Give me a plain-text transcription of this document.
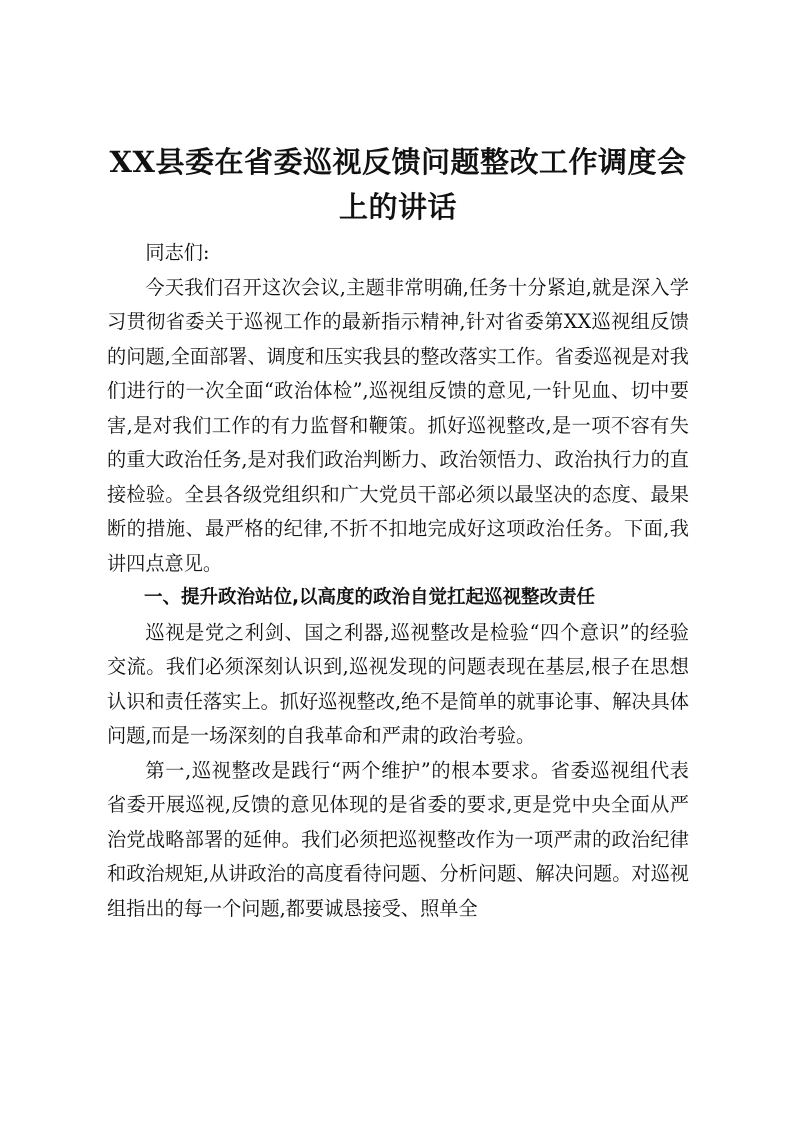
XX县委在省委巡视反馈问题整改工作调度会上的讲话

同志们:

今天我们召开这次会议,主题非常明确,任务十分紧迫,就是深入学习贯彻省委关于巡视工作的最新指示精神,针对省委第XX巡视组反馈的问题,全面部署、调度和压实我县的整改落实工作。省委巡视是对我们进行的一次全面“政治体检”,巡视组反馈的意见,一针见血、切中要害,是对我们工作的有力监督和鞭策。抓好巡视整改,是一项不容有失的重大政治任务,是对我们政治判断力、政治领悟力、政治执行力的直接检验。全县各级党组织和广大党员干部必须以最坚决的态度、最果断的措施、最严格的纪律,不折不扣地完成好这项政治任务。下面,我讲四点意见。

一、提升政治站位,以高度的政治自觉扛起巡视整改责任

巡视是党之利剑、国之利器,巡视整改是检验“四个意识”的经验交流。我们必须深刻认识到,巡视发现的问题表现在基层,根子在思想认识和责任落实上。抓好巡视整改,绝不是简单的就事论事、解决具体问题,而是一场深刻的自我革命和严肃的政治考验。

第一,巡视整改是践行“两个维护”的根本要求。省委巡视组代表省委开展巡视,反馈的意见体现的是省委的要求,更是党中央全面从严治党战略部署的延伸。我们必须把巡视整改作为一项严肃的政治纪律和政治规矩,从讲政治的高度看待问题、分析问题、解决问题。对巡视组指出的每一个问题,都要诚恳接受、照单全
